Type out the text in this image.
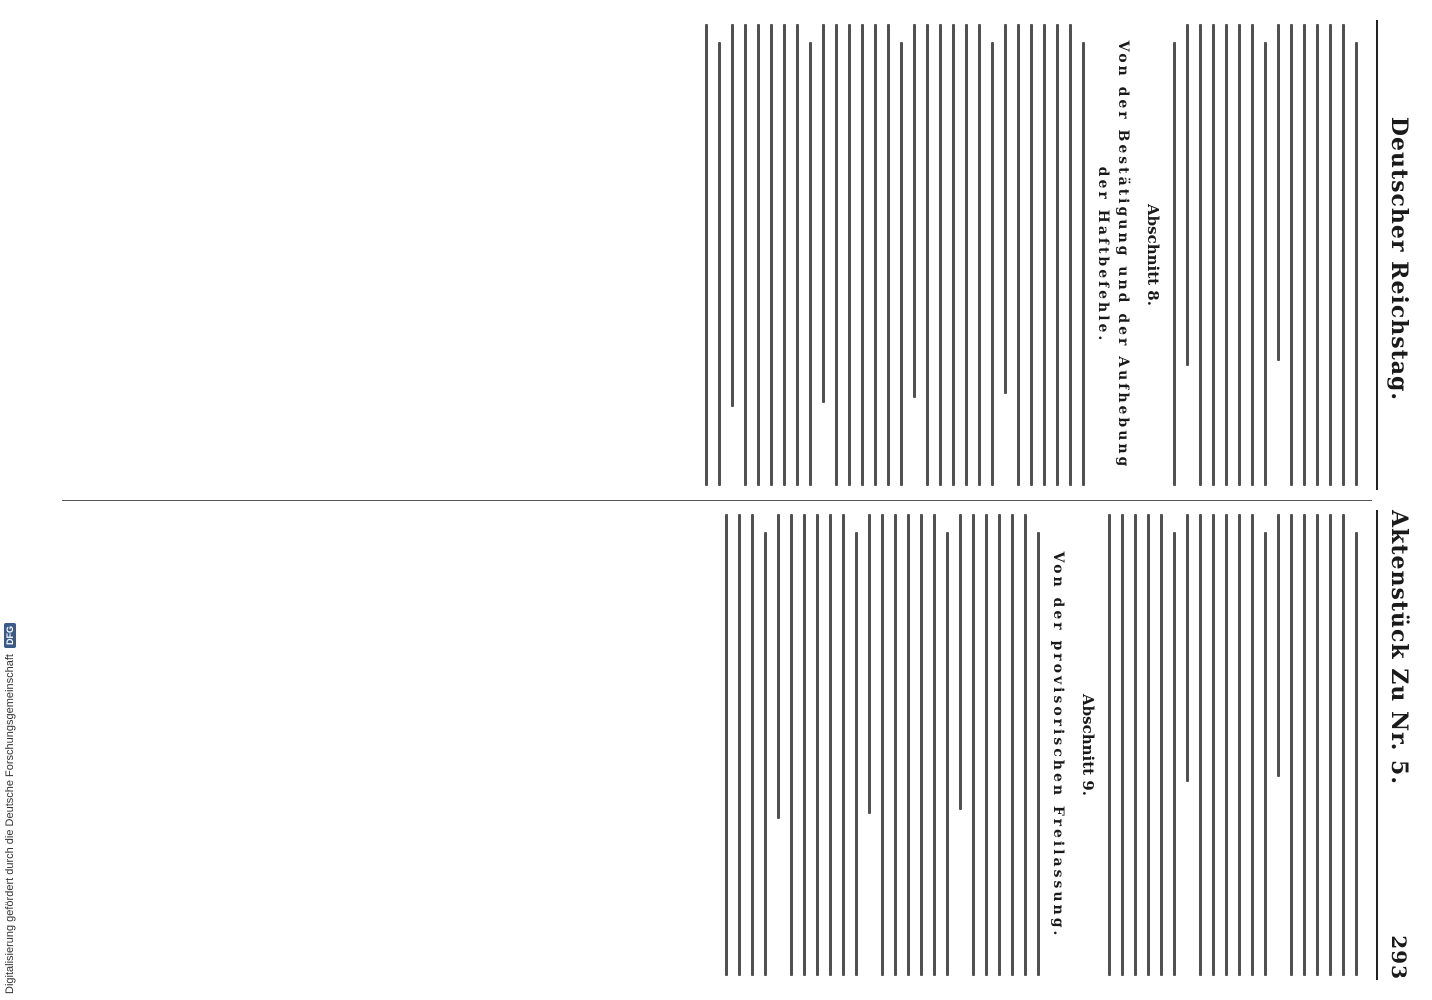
Deutscher Reichstag.
Aktenstück Zu Nr. 5.
293
Abschnitt 8.
Von der Bestätigung und der Aufhebung der Haftbefehle.
Abschnitt 9.
Von der provisorischen Freilassung.
Digitalisierung gefördert durch die Deutsche Forschungsgemeinschaft
DFG
